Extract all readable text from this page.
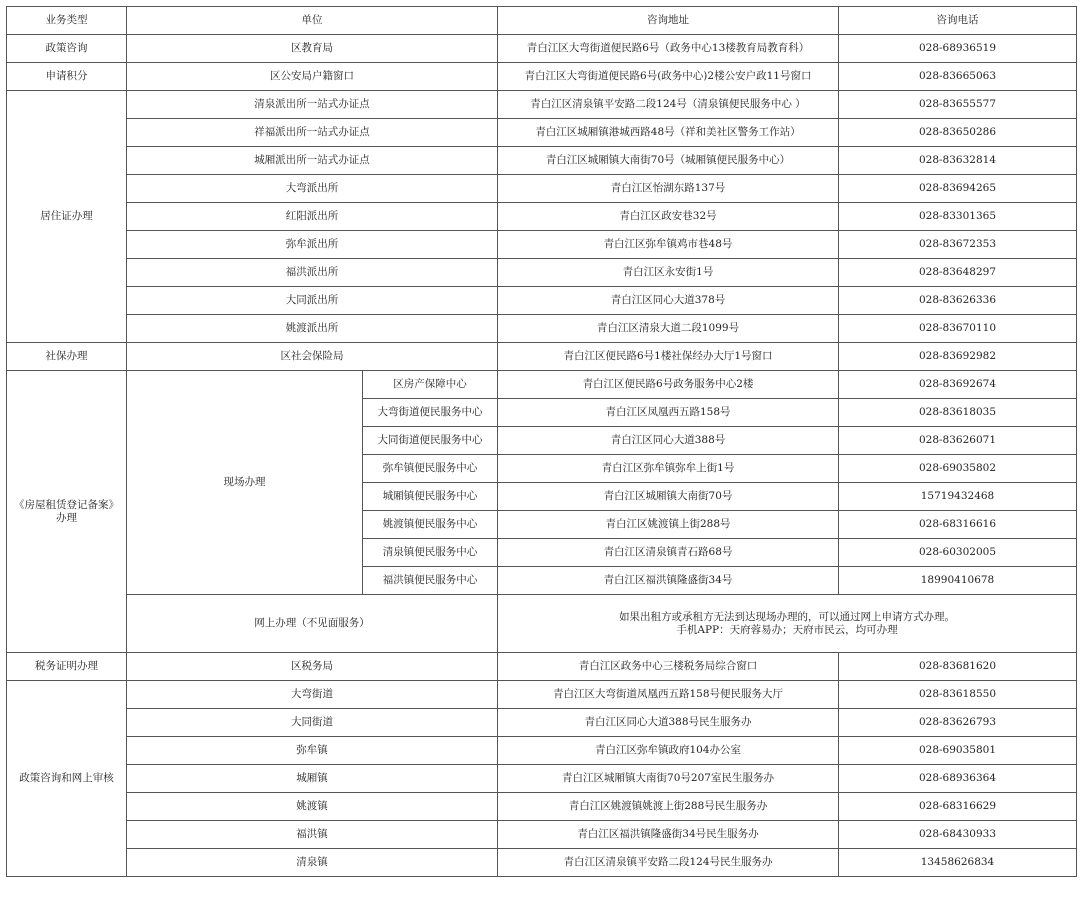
业务类型	单位		咨询地址	咨询电话
政策咨询	区教育局		青白江区大弯街道便民路6号（政务中心13楼教育局教育科）	028-68936519
申请积分	区公安局户籍窗口		青白江区大弯街道便民路6号(政务中心)2楼公安户政11号窗口	028-83665063
居住证办理	清泉派出所一站式办证点		青白江区清泉镇平安路二段124号（清泉镇便民服务中心 ）	028-83655577
	祥福派出所一站式办证点		青白江区城厢镇港城西路48号（祥和美社区警务工作站）	028-83650286
	城厢派出所一站式办证点		青白江区城厢镇大南街70号（城厢镇便民服务中心）	028-83632814
	大弯派出所		青白江区怡湖东路137号	028-83694265
	红阳派出所		青白江区政安巷32号	028-83301365
	弥牟派出所		青白江区弥牟镇鸡市巷48号	028-83672353
	福洪派出所		青白江区永安街1号	028-83648297
	大同派出所		青白江区同心大道378号	028-83626336
	姚渡派出所		青白江区清泉大道二段1099号	028-83670110
社保办理	区社会保险局		青白江区便民路6号1楼社保经办大厅1号窗口	028-83692982
《房屋租赁登记备案》办理	现场办理	区房产保障中心	青白江区便民路6号政务服务中心2楼	028-83692674
		大弯街道便民服务中心	青白江区凤凰西五路158号	028-83618035
		大同街道便民服务中心	青白江区同心大道388号	028-83626071
		弥牟镇便民服务中心	青白江区弥牟镇弥牟上街1号	028-69035802
		城厢镇便民服务中心	青白江区城厢镇大南街70号	15719432468
		姚渡镇便民服务中心	青白江区姚渡镇上街288号	028-68316616
		清泉镇便民服务中心	青白江区清泉镇青石路68号	028-60302005
		福洪镇便民服务中心	青白江区福洪镇隆盛街34号	18990410678
	网上办理（不见面服务）		如果出租方或承租方无法到达现场办理的，可以通过网上申请方式办理。
手机APP：天府蓉易办；天府市民云，均可办理	

税务证明办理	区税务局		青白江区政务中心三楼税务局综合窗口	028-83681620
政策咨询和网上审核	大弯街道		青白江区大弯街道凤凰西五路158号便民服务大厅	028-83618550
	大同街道		青白江区同心大道388号民生服务办	028-83626793
	弥牟镇		青白江区弥牟镇政府104办公室	028-69035801
	城厢镇		青白江区城厢镇大南街70号207室民生服务办	028-68936364
	姚渡镇		青白江区姚渡镇姚渡上街288号民生服务办	028-68316629
	福洪镇		青白江区福洪镇隆盛街34号民生服务办	028-68430933
	清泉镇		青白江区清泉镇平安路二段124号民生服务办	13458626834
